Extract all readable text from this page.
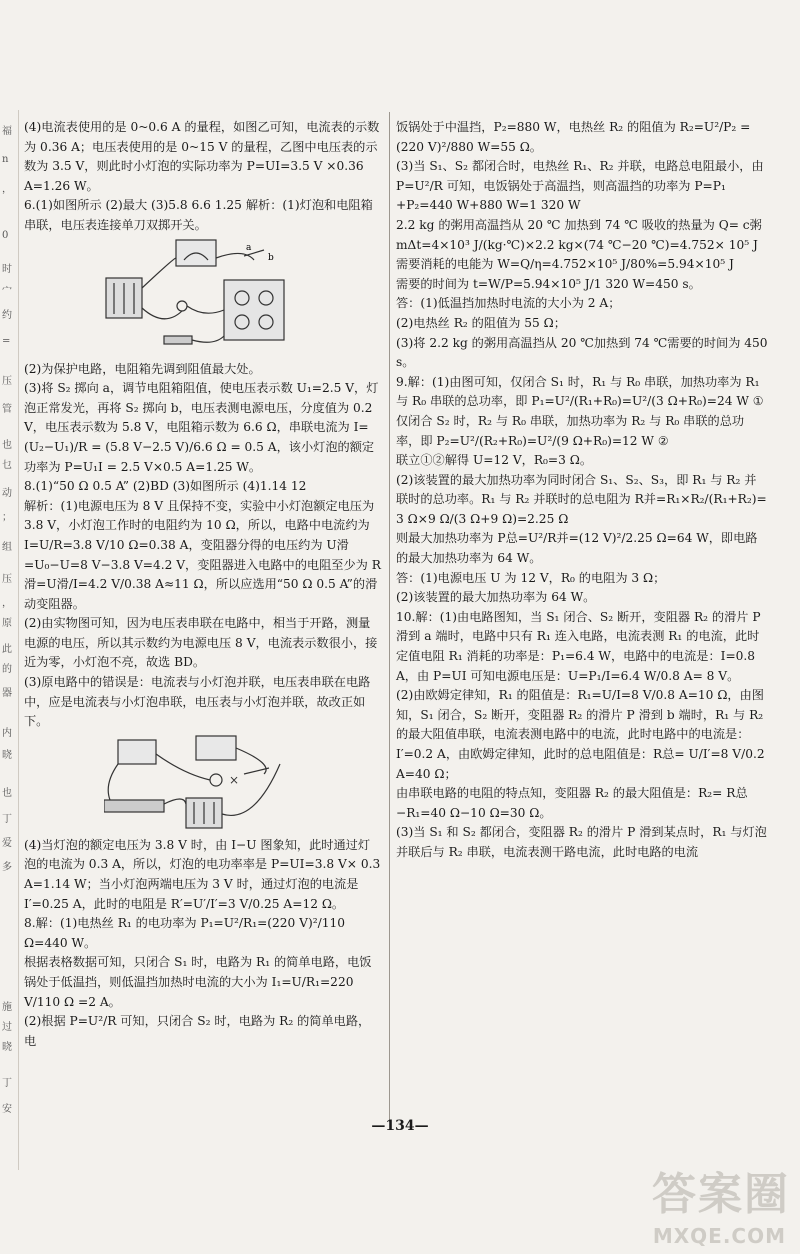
福
n
，
0
时
宀
约
=
压
管
也
乜
动
；
组
压
，
原
此
的
器
内
晓
也
丁
爱
多
施
过
晓
丁
安

(4)电流表使用的是 0~0.6 A 的量程，如图乙可知，电流表的示数为 0.36 A；电压表使用的是 0~15 V 的量程，乙图中电压表的示数为 3.5 V，则此时小灯泡的实际功率为 P=UI=3.5 V ×0.36 A=1.26 W。

6.(1)如图所示 (2)最大 (3)5.8 6.6 1.25 解析：(1)灯泡和电阻箱串联，电压表连接单刀双掷开关。

a
b

(2)为保护电路，电阻箱先调到阻值最大处。

(3)将 S₂ 掷向 a，调节电阻箱阻值，使电压表示数 U₁=2.5 V，灯泡正常发光，再将 S₂ 掷向 b，电压表测电源电压，分度值为 0.2 V，电压表示数为 5.8 V，电阻箱示数为 6.6 Ω，串联电流为 I=(U₂−U₁)/R = (5.8 V−2.5 V)/6.6 Ω = 0.5 A，该小灯泡的额定功率为 P=U₁I = 2.5 V×0.5 A=1.25 W。

8.(1)“50 Ω 0.5 A” (2)BD (3)如图所示 (4)1.14 12

解析：(1)电源电压为 8 V 且保持不变，实验中小灯泡额定电压为 3.8 V，小灯泡工作时的电阻约为 10 Ω，所以，电路中电流约为 I=U/R=3.8 V/10 Ω=0.38 A，变阻器分得的电压约为 U滑 =U₀−U=8 V−3.8 V=4.2 V，变阻器进入电路中的电阻至少为 R滑=U滑/I=4.2 V/0.38 A≈11 Ω，所以应选用“50 Ω 0.5 A”的滑动变阻器。

(2)由实物图可知，因为电压表串联在电路中，相当于开路，测量电源的电压，所以其示数约为电源电压 8 V，电流表示数很小，接近为零，小灯泡不亮，故选 BD。

(3)原电路中的错误是：电流表与小灯泡并联，电压表串联在电路中，应是电流表与小灯泡串联，电压表与小灯泡并联，故改正如下。

×

(4)当灯泡的额定电压为 3.8 V 时，由 I−U 图象知，此时通过灯泡的电流为 0.3 A，所以，灯泡的电功率率是 P=UI=3.8 V× 0.3 A=1.14 W；当小灯泡两端电压为 3 V 时，通过灯泡的电流是 I′=0.25 A，此时的电阻是 R′=U′/I′=3 V/0.25 A=12 Ω。

8.解：(1)电热丝 R₁ 的电功率为 P₁=U²/R₁=(220 V)²/110 Ω=440 W。

根据表格数据可知，只闭合 S₁ 时，电路为 R₁ 的简单电路，电饭锅处于低温挡，则低温挡加热时电流的大小为 I₁=U/R₁=220 V/110 Ω =2 A。

(2)根据 P=U²/R 可知，只闭合 S₂ 时，电路为 R₂ 的简单电路，电

饭锅处于中温挡，P₂=880 W，电热丝 R₂ 的阻值为 R₂=U²/P₂ = (220 V)²/880 W=55 Ω。

(3)当 S₁、S₂ 都闭合时，电热丝 R₁、R₂ 并联，电路总电阻最小，由 P=U²/R 可知，电饭锅处于高温挡，则高温挡的功率为 P=P₁ +P₂=440 W+880 W=1 320 W

2.2 kg 的粥用高温挡从 20 ℃ 加热到 74 ℃ 吸收的热量为 Q= c粥 mΔt=4×10³ J/(kg·℃)×2.2 kg×(74 ℃−20 ℃)=4.752× 10⁵ J

需要消耗的电能为 W=Q/η=4.752×10⁵ J/80%=5.94×10⁵ J

需要的时间为 t=W/P=5.94×10⁵ J/1 320 W=450 s。

答：(1)低温挡加热时电流的大小为 2 A；

(2)电热丝 R₂ 的阻值为 55 Ω；

(3)将 2.2 kg 的粥用高温挡从 20 ℃加热到 74 ℃需要的时间为 450 s。

9.解：(1)由图可知，仅闭合 S₁ 时，R₁ 与 R₀ 串联，加热功率为 R₁ 与 R₀ 串联的总功率，即 P₁=U²/(R₁+R₀)=U²/(3 Ω+R₀)=24 W ①

仅闭合 S₂ 时，R₂ 与 R₀ 串联，加热功率为 R₂ 与 R₀ 串联的总功率，即 P₂=U²/(R₂+R₀)=U²/(9 Ω+R₀)=12 W ②

联立①②解得 U=12 V，R₀=3 Ω。

(2)该装置的最大加热功率为同时闭合 S₁、S₂、S₃，即 R₁ 与 R₂ 并联时的总功率。R₁ 与 R₂ 并联时的总电阻为 R并=R₁×R₂/(R₁+R₂)= 3 Ω×9 Ω/(3 Ω+9 Ω)=2.25 Ω

则最大加热功率为 P总=U²/R并=(12 V)²/2.25 Ω=64 W，即电路的最大加热功率为 64 W。

答：(1)电源电压 U 为 12 V，R₀ 的电阻为 3 Ω；

(2)该装置的最大加热功率为 64 W。

10.解：(1)由电路图知，当 S₁ 闭合、S₂ 断开，变阻器 R₂ 的滑片 P 滑到 a 端时，电路中只有 R₁ 连入电路，电流表测 R₁ 的电流，此时定值电阻 R₁ 消耗的功率是：P₁=6.4 W，电路中的电流是：I=0.8 A，由 P=UI 可知电源电压是：U=P₁/I=6.4 W/0.8 A= 8 V。

(2)由欧姆定律知，R₁ 的阻值是：R₁=U/I=8 V/0.8 A=10 Ω，由图知，S₁ 闭合，S₂ 断开，变阻器 R₂ 的滑片 P 滑到 b 端时，R₁ 与 R₂ 的最大阻值串联，电流表测电路中的电流，此时电路中的电流是：I′=0.2 A，由欧姆定律知，此时的总电阻值是：R总= U/I′=8 V/0.2 A=40 Ω；

由串联电路的电阻的特点知，变阻器 R₂ 的最大阻值是：R₂= R总−R₁=40 Ω−10 Ω=30 Ω。

(3)当 S₁ 和 S₂ 都闭合，变阻器 R₂ 的滑片 P 滑到某点时，R₁ 与灯泡并联后与 R₂ 串联，电流表测干路电流，此时电路的电流

—134—
答案圈
MXQE.COM
